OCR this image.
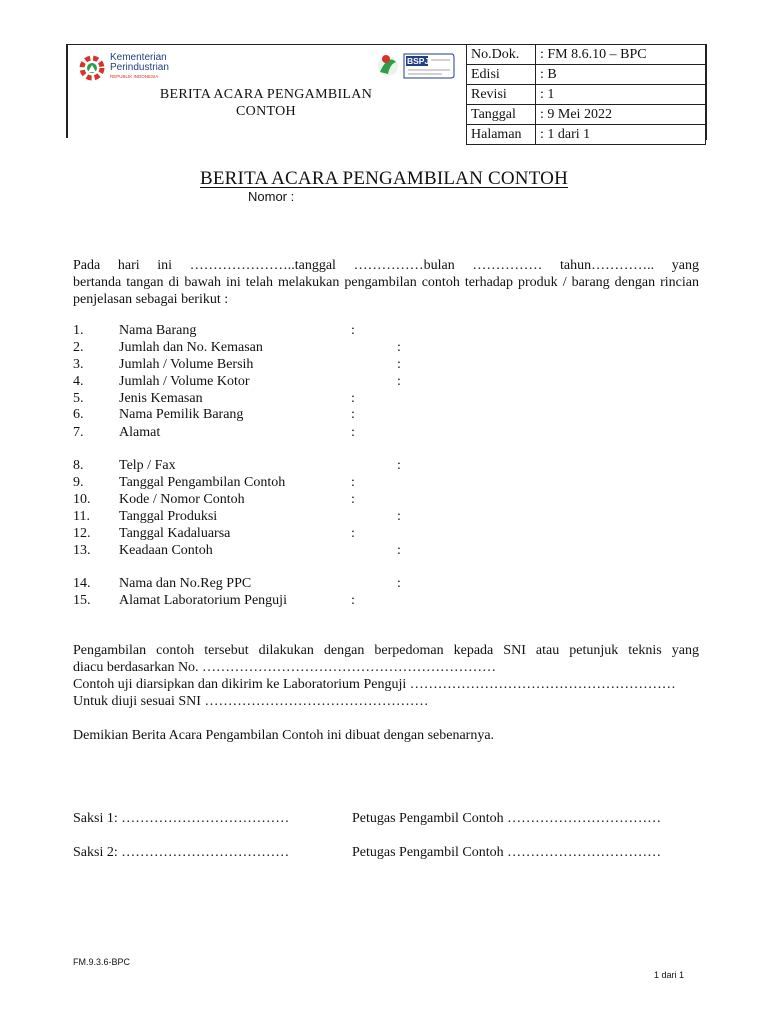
Kementerian
Perindustrian
REPUBLIK INDONESIA
BSPJI
BERITA ACARA PENGAMBILAN
CONTOH
No.Dok.	: FM 8.6.10 – BPC
Edisi	: B
Revisi	: 1
Tanggal	: 9 Mei 2022
Halaman	: 1 dari 1
BERITA ACARA PENGAMBILAN CONTOH
Nomor :
Pada hari ini …………………..tanggal ……………bulan …………… tahun………….. yang
bertanda tangan di bawah ini telah melakukan pengambilan contoh terhadap produk / barang dengan rincian penjelasan sebagai berikut :
1.	Nama Barang	:
2.	Jumlah dan No. Kemasan	:
3.	Jumlah / Volume Bersih	:
4.	Jumlah / Volume Kotor	:
5.	Jenis Kemasan	:
6.	Nama Pemilik Barang	:
7.	Alamat	:
8.	Telp / Fax	:
9.	Tanggal Pengambilan Contoh	:
10. Kode / Nomor Contoh	:
11. Tanggal Produksi	:
12. Tanggal Kadaluarsa	:
13. Keadaan Contoh	:
14. Nama dan No.Reg PPC	:
15. Alamat Laboratorium Penguji	:
Pengambilan contoh tersebut dilakukan dengan berpedoman kepada SNI atau petunjuk teknis yang
diacu berdasarkan No. ………………………………………………………
Contoh uji diarsipkan dan dikirim ke Laboratorium Penguji …………………………………………………
Untuk diuji sesuai SNI …………………………………………
Demikian Berita Acara Pengambilan Contoh ini dibuat dengan sebenarnya.
Saksi 1: ………………………………	Petugas Pengambil Contoh ……………………………
Saksi 2: ………………………………	Petugas Pengambil Contoh ……………………………
FM.9.3.6-BPC
1 dari 1
